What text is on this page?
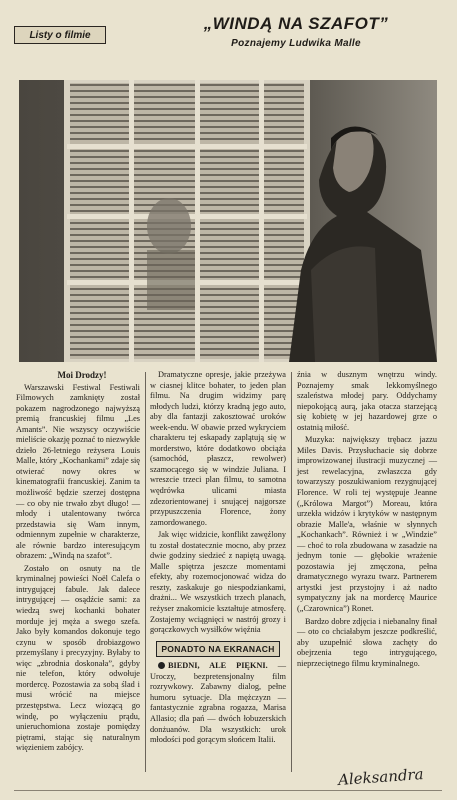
Listy o filmie
„WINDĄ NA SZAFOT”
Poznajemy Ludwika Malle

Moi Drodzy!

Warszawski Festiwal Festiwali Filmowych zamknięty został pokazem nagrodzonego najwyższą premią francuskiej filmu „Les Amants”. Nie wszyscy oczywiście mieliście okazję poznać to niezwykłe dzieło 26-letniego reżysera Louis Malle, który „Kochankami” zdaje się otwierać nowy okres w kinematografii francuskiej. Zanim ta możliwość będzie szerzej dostępna — co oby nie trwało zbyt długo! — młody i utalentowany twórca przedstawia się Wam innym, odmiennym zupełnie w charakterze, ale równie bardzo interesującym obrazem: „Windą na szafot”.

Zostało on osnuty na tle kryminalnej powieści Noël Calefa o intrygującej fabule. Jak dalece intrygującej — osądźcie sami: za wiedzą swej kochanki bohater morduje jej męża a swego szefa. Jako były komandos dokonuje tego czynu w sposób drobiazgowo przemyślany i precyzyjny. Byłaby to więc „zbrodnia doskonała”, gdyby nie telefon, który odwołuje mordercę. Pozostawia za sobą ślad i musi wrócić na miejsce przestępstwa. Lecz wiozącą go windę, po wyłączeniu prądu, unieruchomiona zostaje pomiędzy piętrami, stając się naturalnym więzieniem zabójcy.

Dramatyczne opresje, jakie przeżywa w ciasnej klitce bohater, to jeden plan filmu. Na drugim widzimy parę młodych ludzi, którzy kradną jego auto, aby dla fantazji zakosztować uroków week-endu. W obawie przed wykryciem charakteru tej eskapady zaplątują się w morderstwo, które dodatkowo obciąża (samochód, płaszcz, rewolwer) szamocącego się w windzie Juliana. I wreszcie trzeci plan filmu, to samotna wędrówka ulicami miasta zdezorientowanej i snującej najgorsze przypuszczenia Florence, żony zamordowanego.

Jak więc widzicie, konflikt zawęźlony tu został dostatecznie mocno, aby przez dwie godziny siedzieć z napiętą uwagą. Malle spiętrza jeszcze momentami efekty, aby rozemocjonować widza do reszty, zaskakuje go niespodziankami, drażni... We wszystkich trzech planach, reżyser znakomicie kształtuje atmosferę. Zostajemy wciągnięci w nastrój grozy i gorączkowych wysiłków więźnia

PONADTO NA EKRANACH

BIEDNI, ALE PIĘKNI. — Uroczy, bezpretensjonalny film rozrywkowy. Zabawny dialog, pełne humoru sytuacje. Dla mężczyzn — fantastycznie zgrabna rogazza, Marisa Allasio; dla pań — dwóch łobuzerskich donżuanów. Dla wszystkich: urok młodości pod gorącym słońcem Italii.

źnia w dusznym wnętrzu windy. Poznajemy smak lekkomyślnego szaleństwa młodej pary. Oddychamy niepokojącą aurą, jaka otacza starzejącą się kobietę w jej hazardowej grze o ostatnią miłość.

Muzyka: największy trębacz jazzu Miles Davis. Przysłuchacie się dobrze improwizowanej ilustracji muzycznej — jest rewelacyjna, zwłaszcza gdy towarzyszy poszukiwaniom rezygnującej Florence. W roli tej występuje Jeanne („Królowa Margot”) Moreau, która urzekła widzów i krytyków w następnym obrazie Malle'a, właśnie w słynnych „Kochankach”. Również i w „Windzie” — choć to rola zbudowana w zasadzie na jednym tonie — głębokie wrażenie pozostawia jej zmęczona, pełna dramatycznego wyrazu twarz. Partnerem artystki jest przystojny i aż nadto sympatyczny jak na mordercę Maurice („Czarownica”) Ronet.

Bardzo dobre zdjęcia i niebanalny finał — oto co chciałabym jeszcze podkreślić, aby uzupełnić słowa zachęty do obejrzenia tego intrygującego, nieprzeciętnego filmu kryminalnego.

Aleksandra
